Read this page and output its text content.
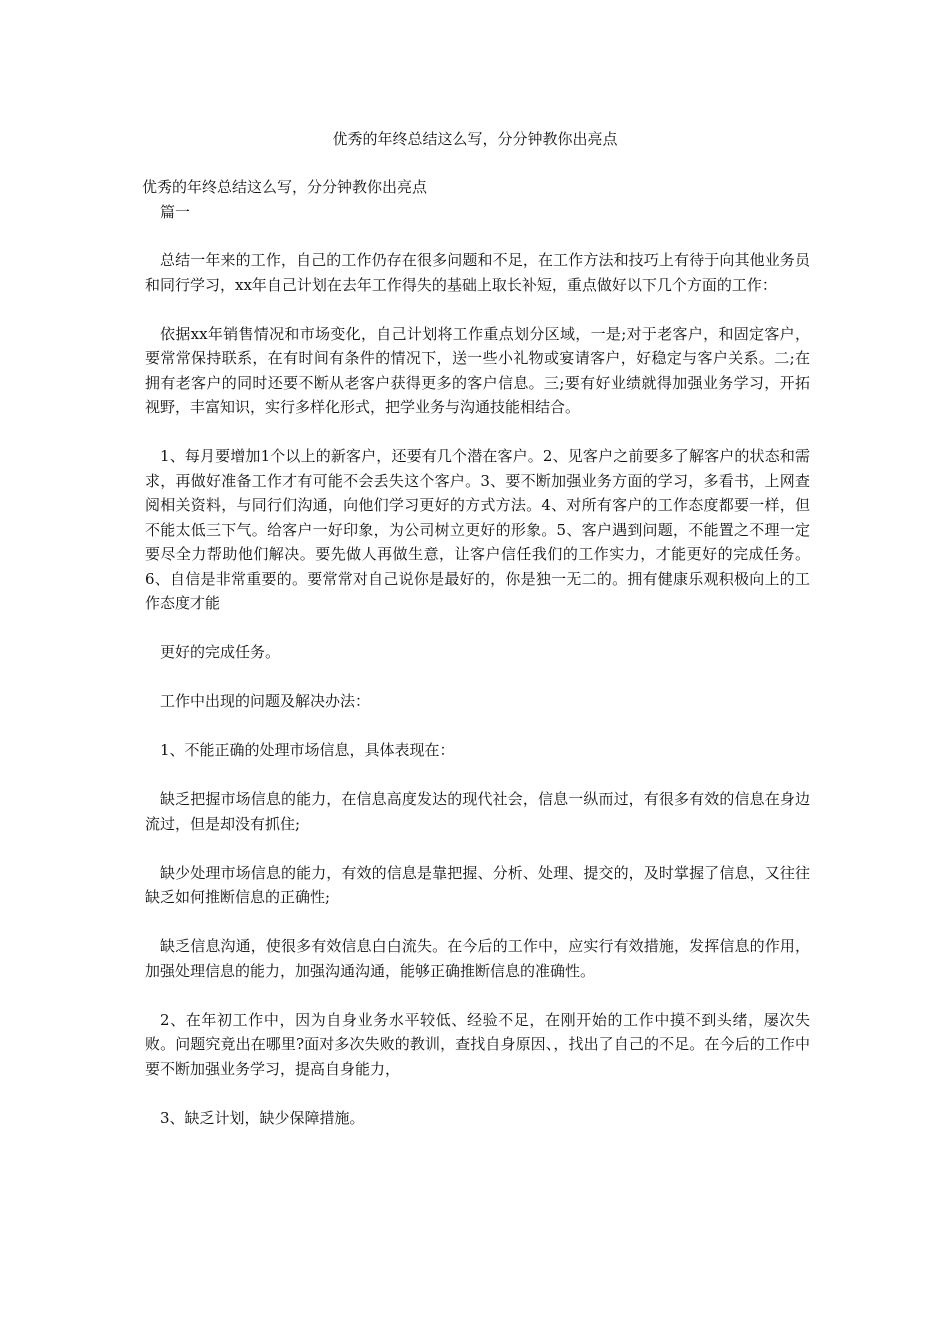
优秀的年终总结这么写，分分钟教你出亮点

优秀的年终总结这么写，分分钟教你出亮点

篇一

总结一年来的工作，自己的工作仍存在很多问题和不足，在工作方法和技巧上有待于向其他业务员和同行学习，xx年自己计划在去年工作得失的基础上取长补短，重点做好以下几个方面的工作：

依据xx年销售情况和市场变化，自己计划将工作重点划分区域，一是;对于老客户，和固定客户，要常常保持联系，在有时间有条件的情况下，送一些小礼物或宴请客户，好稳定与客户关系。二;在拥有老客户的同时还要不断从老客户获得更多的客户信息。三;要有好业绩就得加强业务学习，开拓视野，丰富知识，实行多样化形式，把学业务与沟通技能相结合。

1、每月要增加1个以上的新客户，还要有几个潜在客户。2、见客户之前要多了解客户的状态和需求，再做好准备工作才有可能不会丢失这个客户。3、要不断加强业务方面的学习，多看书，上网查阅相关资料，与同行们沟通，向他们学习更好的方式方法。4、对所有客户的工作态度都要一样，但不能太低三下气。给客户一好印象，为公司树立更好的形象。5、客户遇到问题，不能置之不理一定要尽全力帮助他们解决。要先做人再做生意，让客户信任我们的工作实力，才能更好的完成任务。6、自信是非常重要的。要常常对自己说你是最好的，你是独一无二的。拥有健康乐观积极向上的工作态度才能

更好的完成任务。

工作中出现的问题及解决办法：

1、不能正确的处理市场信息，具体表现在：

缺乏把握市场信息的能力，在信息高度发达的现代社会，信息一纵而过，有很多有效的信息在身边流过，但是却没有抓住;

缺少处理市场信息的能力，有效的信息是靠把握、分析、处理、提交的，及时掌握了信息，又往往缺乏如何推断信息的正确性;

缺乏信息沟通，使很多有效信息白白流失。在今后的工作中，应实行有效措施，发挥信息的作用，加强处理信息的能力，加强沟通沟通，能够正确推断信息的准确性。

2、在年初工作中，因为自身业务水平较低、经验不足，在刚开始的工作中摸不到头绪，屡次失败。问题究竟出在哪里?面对多次失败的教训，查找自身原因、，找出了自己的不足。在今后的工作中要不断加强业务学习，提高自身能力，

3、缺乏计划，缺少保障措施。
